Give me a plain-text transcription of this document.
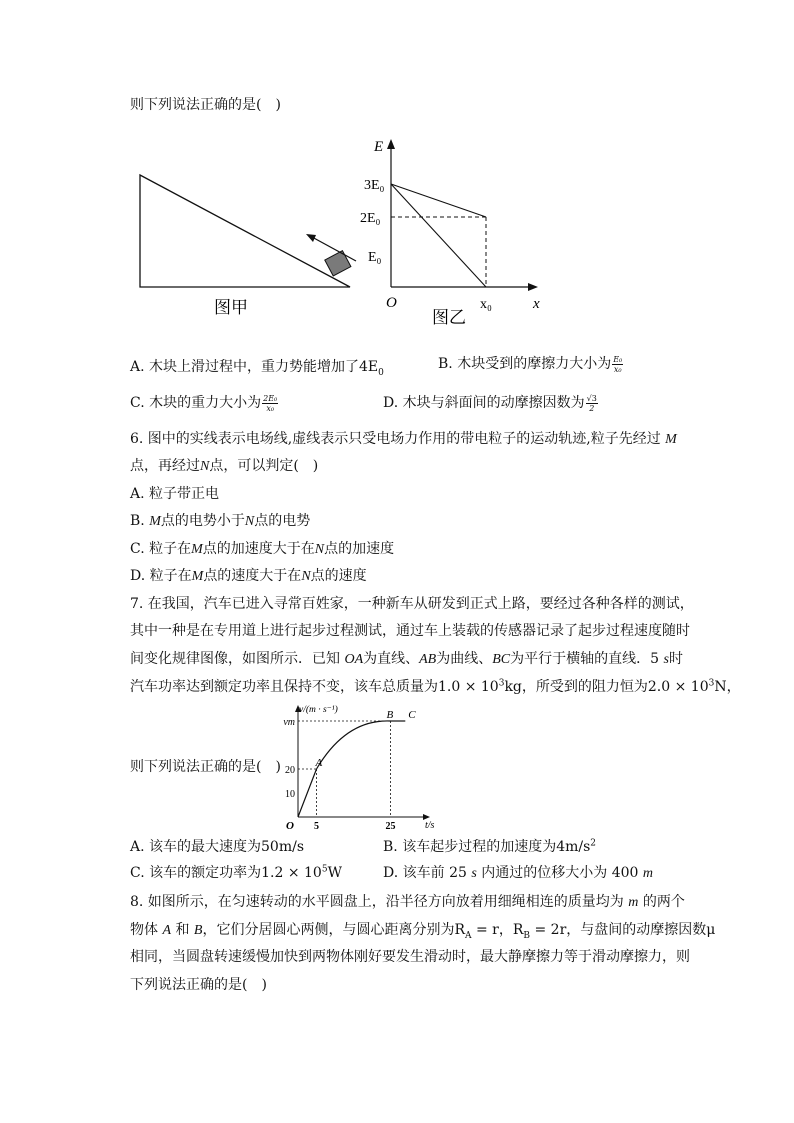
则下列说法正确的是(　)
图甲
E
x
O
3E₀
2E₀
E₀
x₀
图乙
A. 木块上滑过程中，重力势能增加了$4E_0$
B. 木块受到的摩擦力大小为 $\frac{\text{E₀}}{\text{x₀}}$
C. 木块的重力大小为 $\frac{\text{2E₀}}{\text{x₀}}$	D. 木块与斜面间的动摩擦因数为 $\frac{√3}{2}$
6. 图中的实线表示电场线,虚线表示只受电场力作用的带电粒子的运动轨迹,粒子先经过 M
点，再经过N点，可以判定(　)
A. 粒子带正电
B. M点的电势小于N点的电势
C. 粒子在M点的加速度大于在N点的加速度
D. 粒子在M点的速度大于在N点的速度
7. 在我国，汽车已进入寻常百姓家，一种新车从研发到正式上路，要经过各种各样的测试，
其中一种是在专用道上进行起步过程测试，通过车上装载的传感器记录了起步过程速度随时
间变化规律图像，如图所示．已知 OA为直线、AB为曲线、BC为平行于横轴的直线．5 s时
汽车功率达到额定功率且保持不变，该车总质量为$1.0 \times 10^3kg$，所受到的阻力恒为$2.0 \times 10^3N$，
则下列说法正确的是(　)
v/(m · s⁻¹)
t/s
O
A
B C
10
20
vm
5	25
A. 该车的最大速度为50m/s	B. 该车起步过程的加速度为$4m/s^2$
C. 该车的额定功率为$1.2 \times 10^5W$	D. 该车前 25 s 内通过的位移大小为 400 m
8. 如图所示，在匀速转动的水平圆盘上，沿半径方向放着用细绳相连的质量均为 m 的两个
物体 A 和 B，它们分居圆心两侧，与圆心距离分别为$R_A = r$，$R_B = 2r$，与盘间的动摩擦因数μ
相同，当圆盘转速缓慢加快到两物体刚好要发生滑动时，最大静摩擦力等于滑动摩擦力，则
下列说法正确的是(　)
